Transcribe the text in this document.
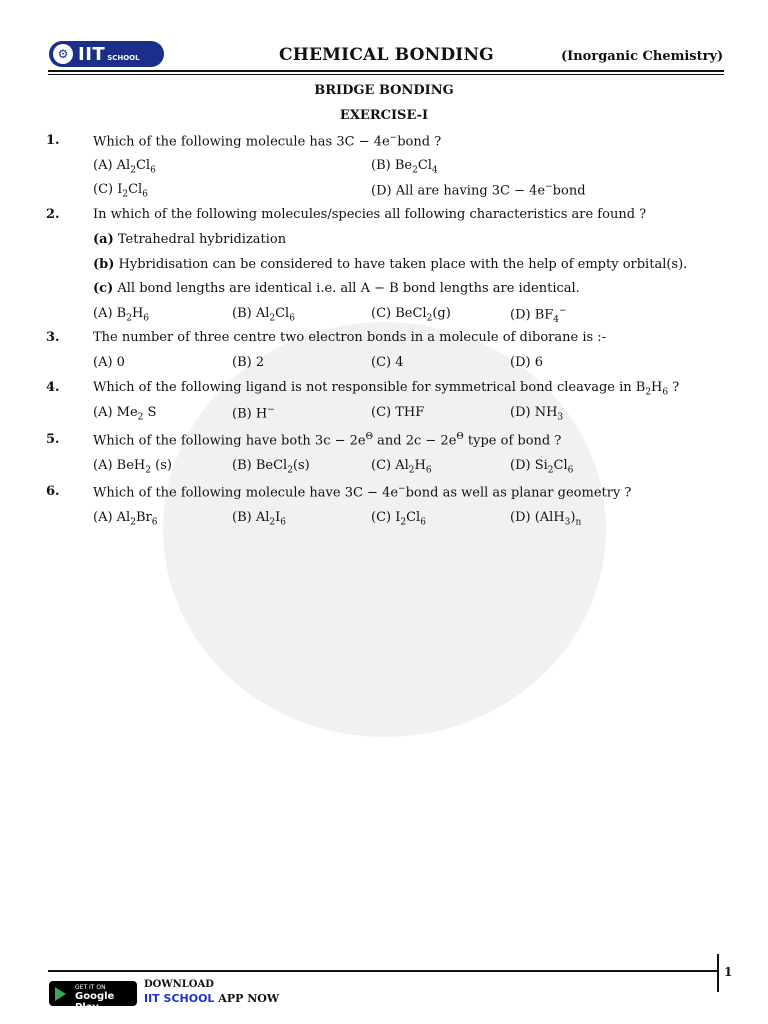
⚙ IIT SCHOOL	CHEMICAL BONDING	(Inorganic Chemistry)
BRIDGE BONDING
EXERCISE-I
1.	Which of the following molecule has 3C − 4e−bond ?
(A) $Al_2Cl_6$	(B) $Be_2Cl_4$
(C) $I_2Cl_6$	(D) All are having 3C − 4e−bond
2.	In which of the following molecules/species all following characteristics are found ?
(a) Tetrahedral hybridization
(b) Hybridisation can be considered to have taken place with the help of empty orbital(s).
(c) All bond lengths are identical i.e. all A − B bond lengths are identical.
(A) $B_2H_6$	(B) $Al_2Cl_6$	(C) BeCl$_2$(g)	(D) $BF_4^-$
3.	The number of three centre two electron bonds in a molecule of diborane is :-
(A) 0	(B) 2	(C) 4	(D) 6
4.	Which of the following ligand is not responsible for symmetrical bond cleavage in $B_2H_6$ ?
(A) $Me_2$ S	(B) H−	(C) THF	(D) $NH_3$
5.	Which of the following have both $3c - 2e^\Theta$ and $2c - 2e^\Theta$ type of bond ?
(A) BeH$_2$ (s)	(B) BeCl$_2$(s)	(C) $Al_2H_6$	(D) $Si_2Cl_6$
6.	Which of the following molecule have 3C − 4e−bond as well as planar geometry ?
(A) $Al_2Br_6$	(B) $Al_2I_6$	(C) $I_2Cl_6$	(D) $(AlH_3)_n$
1
GET IT ON
Google Play
DOWNLOAD
IIT SCHOOL APP NOW
